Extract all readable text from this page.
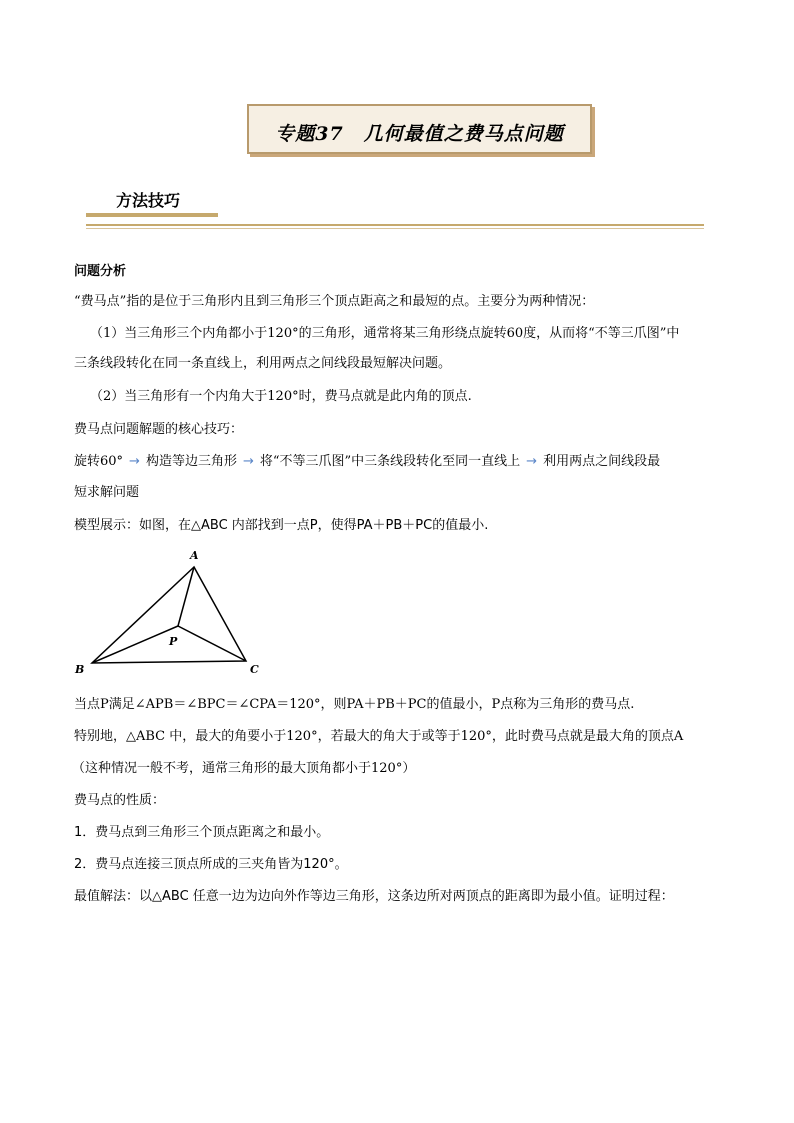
专题37　几何最值之费马点问题
方法技巧
问题分析
“费马点”指的是位于三角形内且到三角形三个顶点距高之和最短的点。主要分为两种情况：
（1）当三角形三个内角都小于120°的三角形，通常将某三角形绕点旋转60度，从而将“不等三爪图”中
三条线段转化在同一条直线上，利用两点之间线段最短解决问题。
（2）当三角形有一个内角大于120°时，费马点就是此内角的顶点.
费马点问题解题的核心技巧：
旋转60° → 构造等边三角形 → 将“不等三爪图”中三条线段转化至同一直线上 → 利用两点之间线段最
短求解问题
模型展示：如图，在△ABC 内部找到一点P，使得PA＋PB＋PC的值最小.
A
B	C
P
当点P满足∠APB＝∠BPC＝∠CPA＝120°，则PA＋PB＋PC的值最小，P点称为三角形的费马点.
特别地，△ABC 中，最大的角要小于120°，若最大的角大于或等于120°，此时费马点就是最大角的顶点A
（这种情况一般不考，通常三角形的最大顶角都小于120°）
费马点的性质：
1．费马点到三角形三个顶点距离之和最小。
2．费马点连接三顶点所成的三夹角皆为120°。
最值解法：以△ABC 任意一边为边向外作等边三角形，这条边所对两顶点的距离即为最小值。证明过程：
